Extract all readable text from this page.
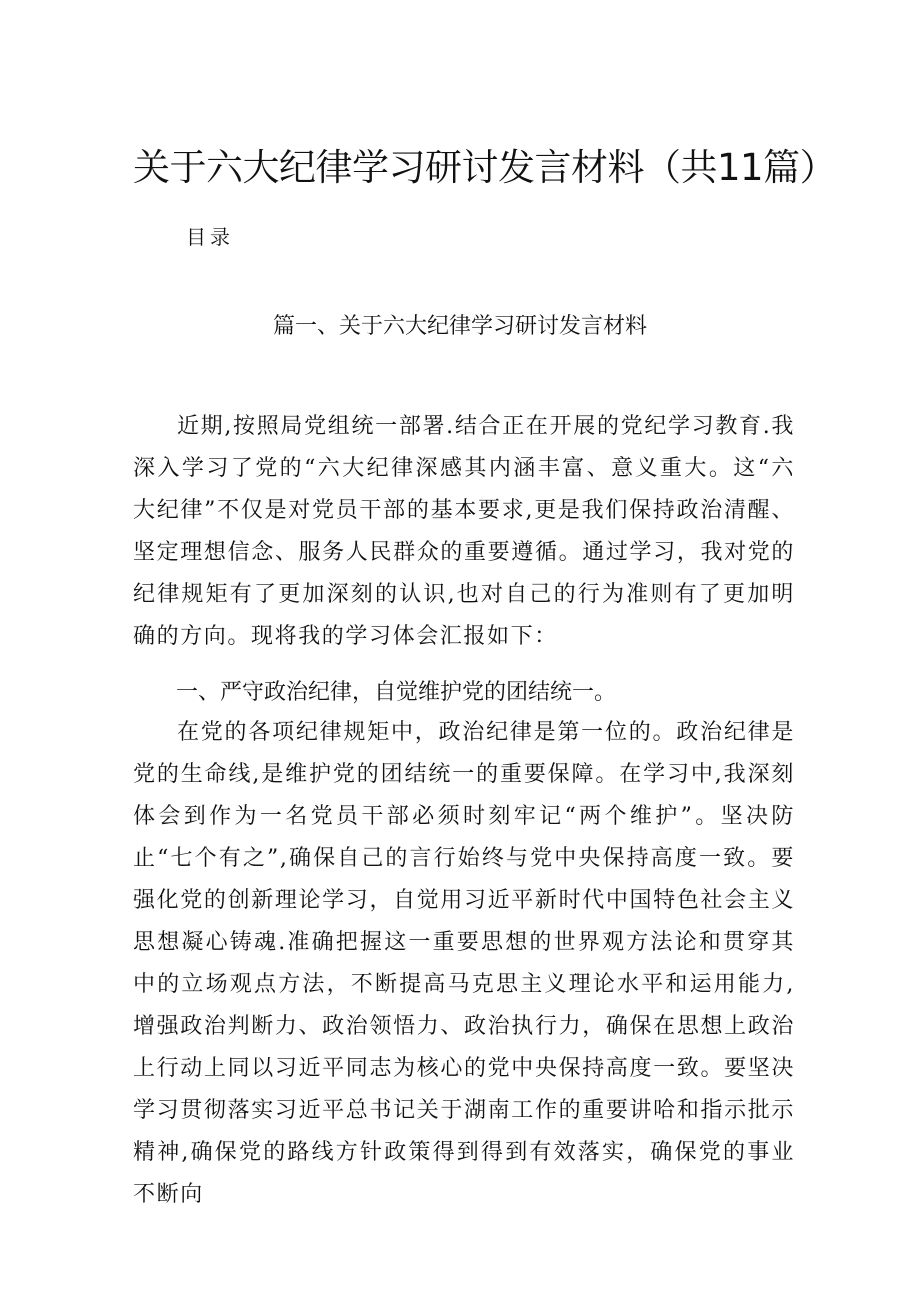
关于六大纪律学习研讨发言材料（共11篇）
目录
篇一、关于六大纪律学习研讨发言材料

近期,按照局党组统一部署.结合正在开展的党纪学习教育.我深入学习了党的“六大纪律深感其内涵丰富、意义重大。这“六大纪律”不仅是对党员干部的基本要求,更是我们保持政治清醒、坚定理想信念、服务人民群众的重要遵循。通过学习，我对党的纪律规矩有了更加深刻的认识,也对自己的行为准则有了更加明确的方向。现将我的学习体会汇报如下：

一、严守政治纪律，自觉维护党的团结统一。

在党的各项纪律规矩中，政治纪律是第一位的。政治纪律是党的生命线,是维护党的团结统一的重要保障。在学习中,我深刻体会到作为一名党员干部必须时刻牢记“两个维护”。坚决防止“七个有之”,确保自己的言行始终与党中央保持高度一致。要强化党的创新理论学习，自觉用习近平新时代中国特色社会主义思想凝心铸魂.准确把握这一重要思想的世界观方法论和贯穿其中的立场观点方法，不断提高马克思主义理论水平和运用能力,增强政治判断力、政治领悟力、政治执行力，确保在思想上政治上行动上同以习近平同志为核心的党中央保持高度一致。要坚决学习贯彻落实习近平总书记关于湖南工作的重要讲哈和指示批示精神,确保党的路线方针政策得到得到有效落实，确保党的事业不断向
